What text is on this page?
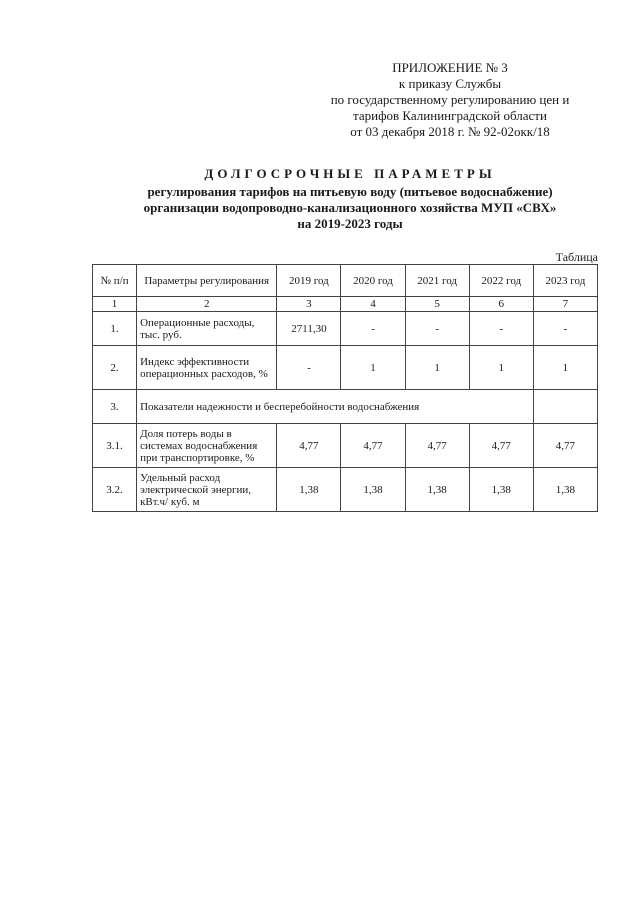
ПРИЛОЖЕНИЕ № 3
к приказу Службы
по государственному регулированию цен и
тарифов Калининградской области
от 03 декабря 2018 г. № 92-02окк/18
ДОЛГОСРОЧНЫЕ ПАРАМЕТРЫ
регулирования тарифов на питьевую воду (питьевое водоснабжение)
организации водопроводно-канализационного хозяйства МУП «СВХ»
на 2019-2023 годы
Таблица
№ п/п	Параметры регулирования	2019 год	2020 год	2021 год	2022 год	2023 год
1	2	3	4	5	6	7
1.	Операционные расходы, тыс. руб.	2711,30	-	-	-	-
2.	Индекс эффективности операционных расходов, %	-	1	1	1	1
3.	Показатели надежности и бесперебойности водоснабжения					
3.1.	Доля потерь воды в системах водоснабжения при транспортировке, %	4,77	4,77	4,77	4,77	4,77
3.2.	Удельный расход электрической энергии, кВт.ч/ куб. м	1,38	1,38	1,38	1,38	1,38
